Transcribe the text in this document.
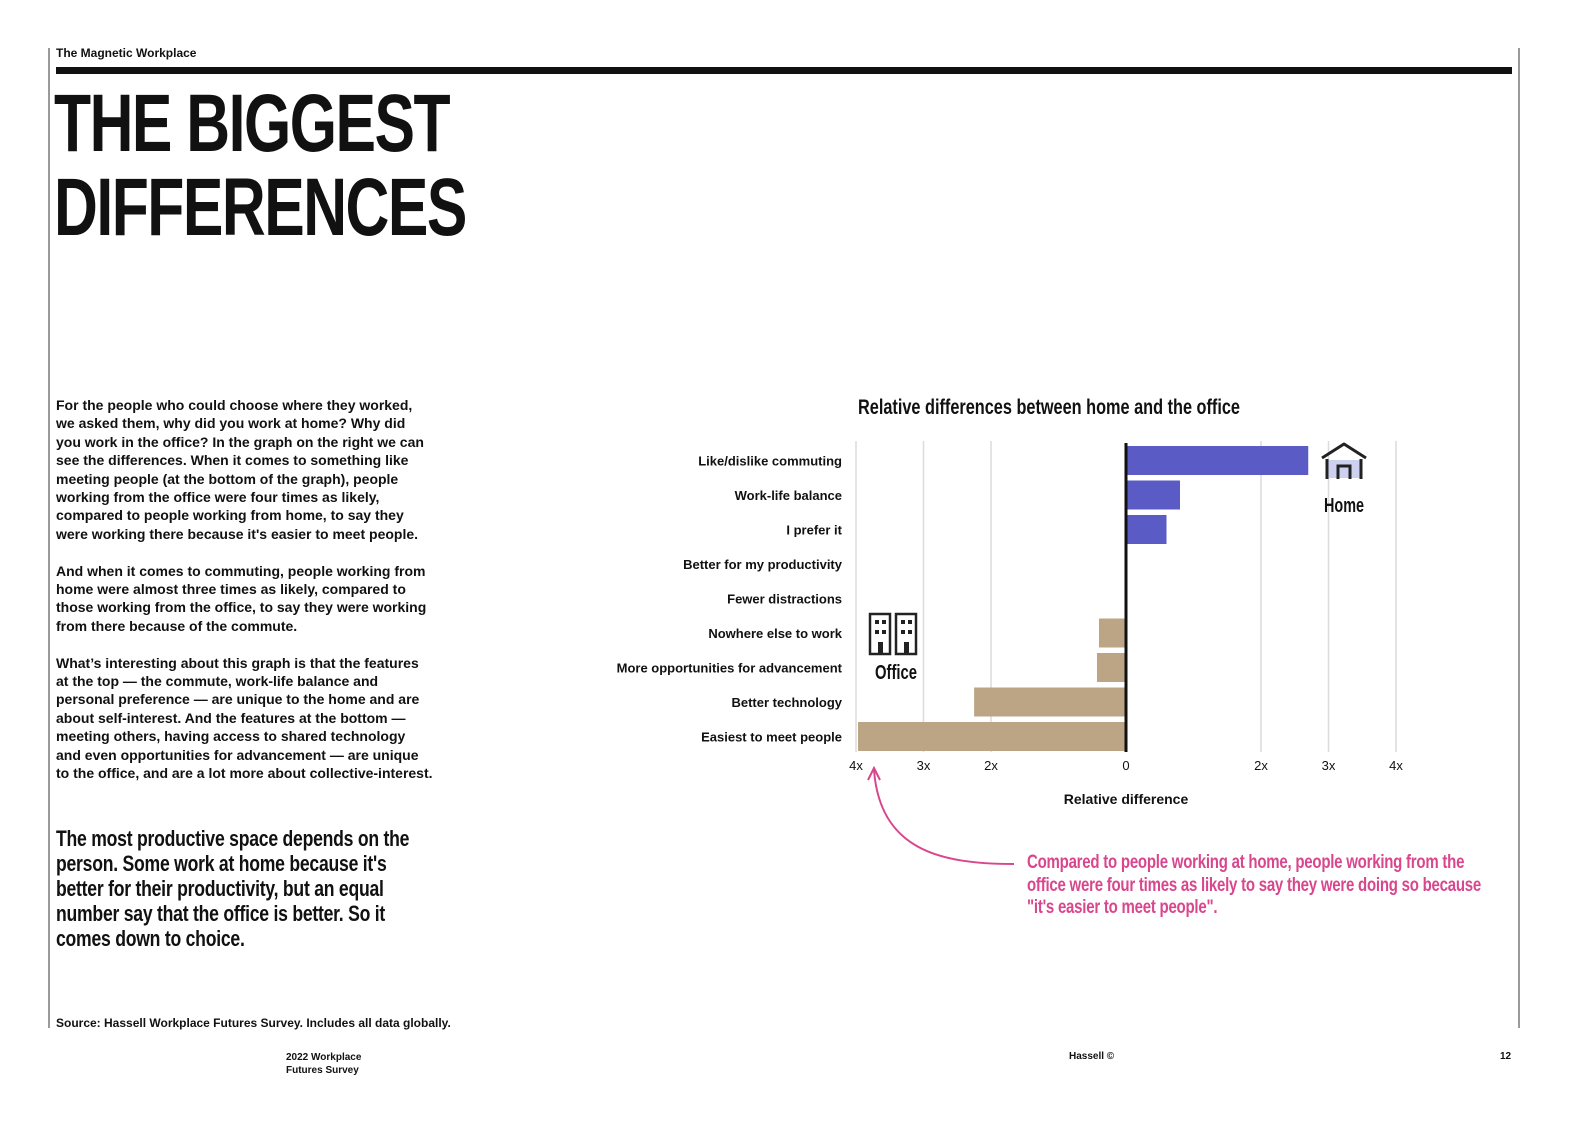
The Magnetic Workplace
THE BIGGEST
DIFFERENCES

For the people who could choose where they worked, we asked them, why did you work at home? Why did you work in the office? In the graph on the right we can see the differences. When it comes to something like meeting people (at the bottom of the graph), people working from the office were four times as likely, compared to people working from home, to say they were working there because it's easier to meet people.

And when it comes to commuting, people working from home were almost three times as likely, compared to those working from the office, to say they were working from there because of the commute.

What’s interesting about this graph is that the features at the top — the commute, work-life balance and personal preference — are unique to the home and are about self-interest. And the features at the bottom — meeting others, having access to shared technology and even opportunities for advancement — are unique to the office, and are a lot more about collective-interest.

The most productive space depends on the person. Some work at home because it's better for their productivity, but an equal number say that the office is better. So it comes down to choice.
Source: Hassell Workplace Futures Survey. Includes all data globally.
2022 Workplace
Futures Survey
Hassell ©	12
Like/dislike commuting
Work-life balance
I prefer it
Better for my productivity
Fewer distractions
Nowhere else to work
More opportunities for advancement
Better technology
Easiest to meet people
4x	3x	2x	0	2x	3x	4x
Relative differences between home and the office
Relative difference
Home
Office
Compared to people working at home, people working from the office were four times as likely to say they were doing so because "it's easier to meet people".
